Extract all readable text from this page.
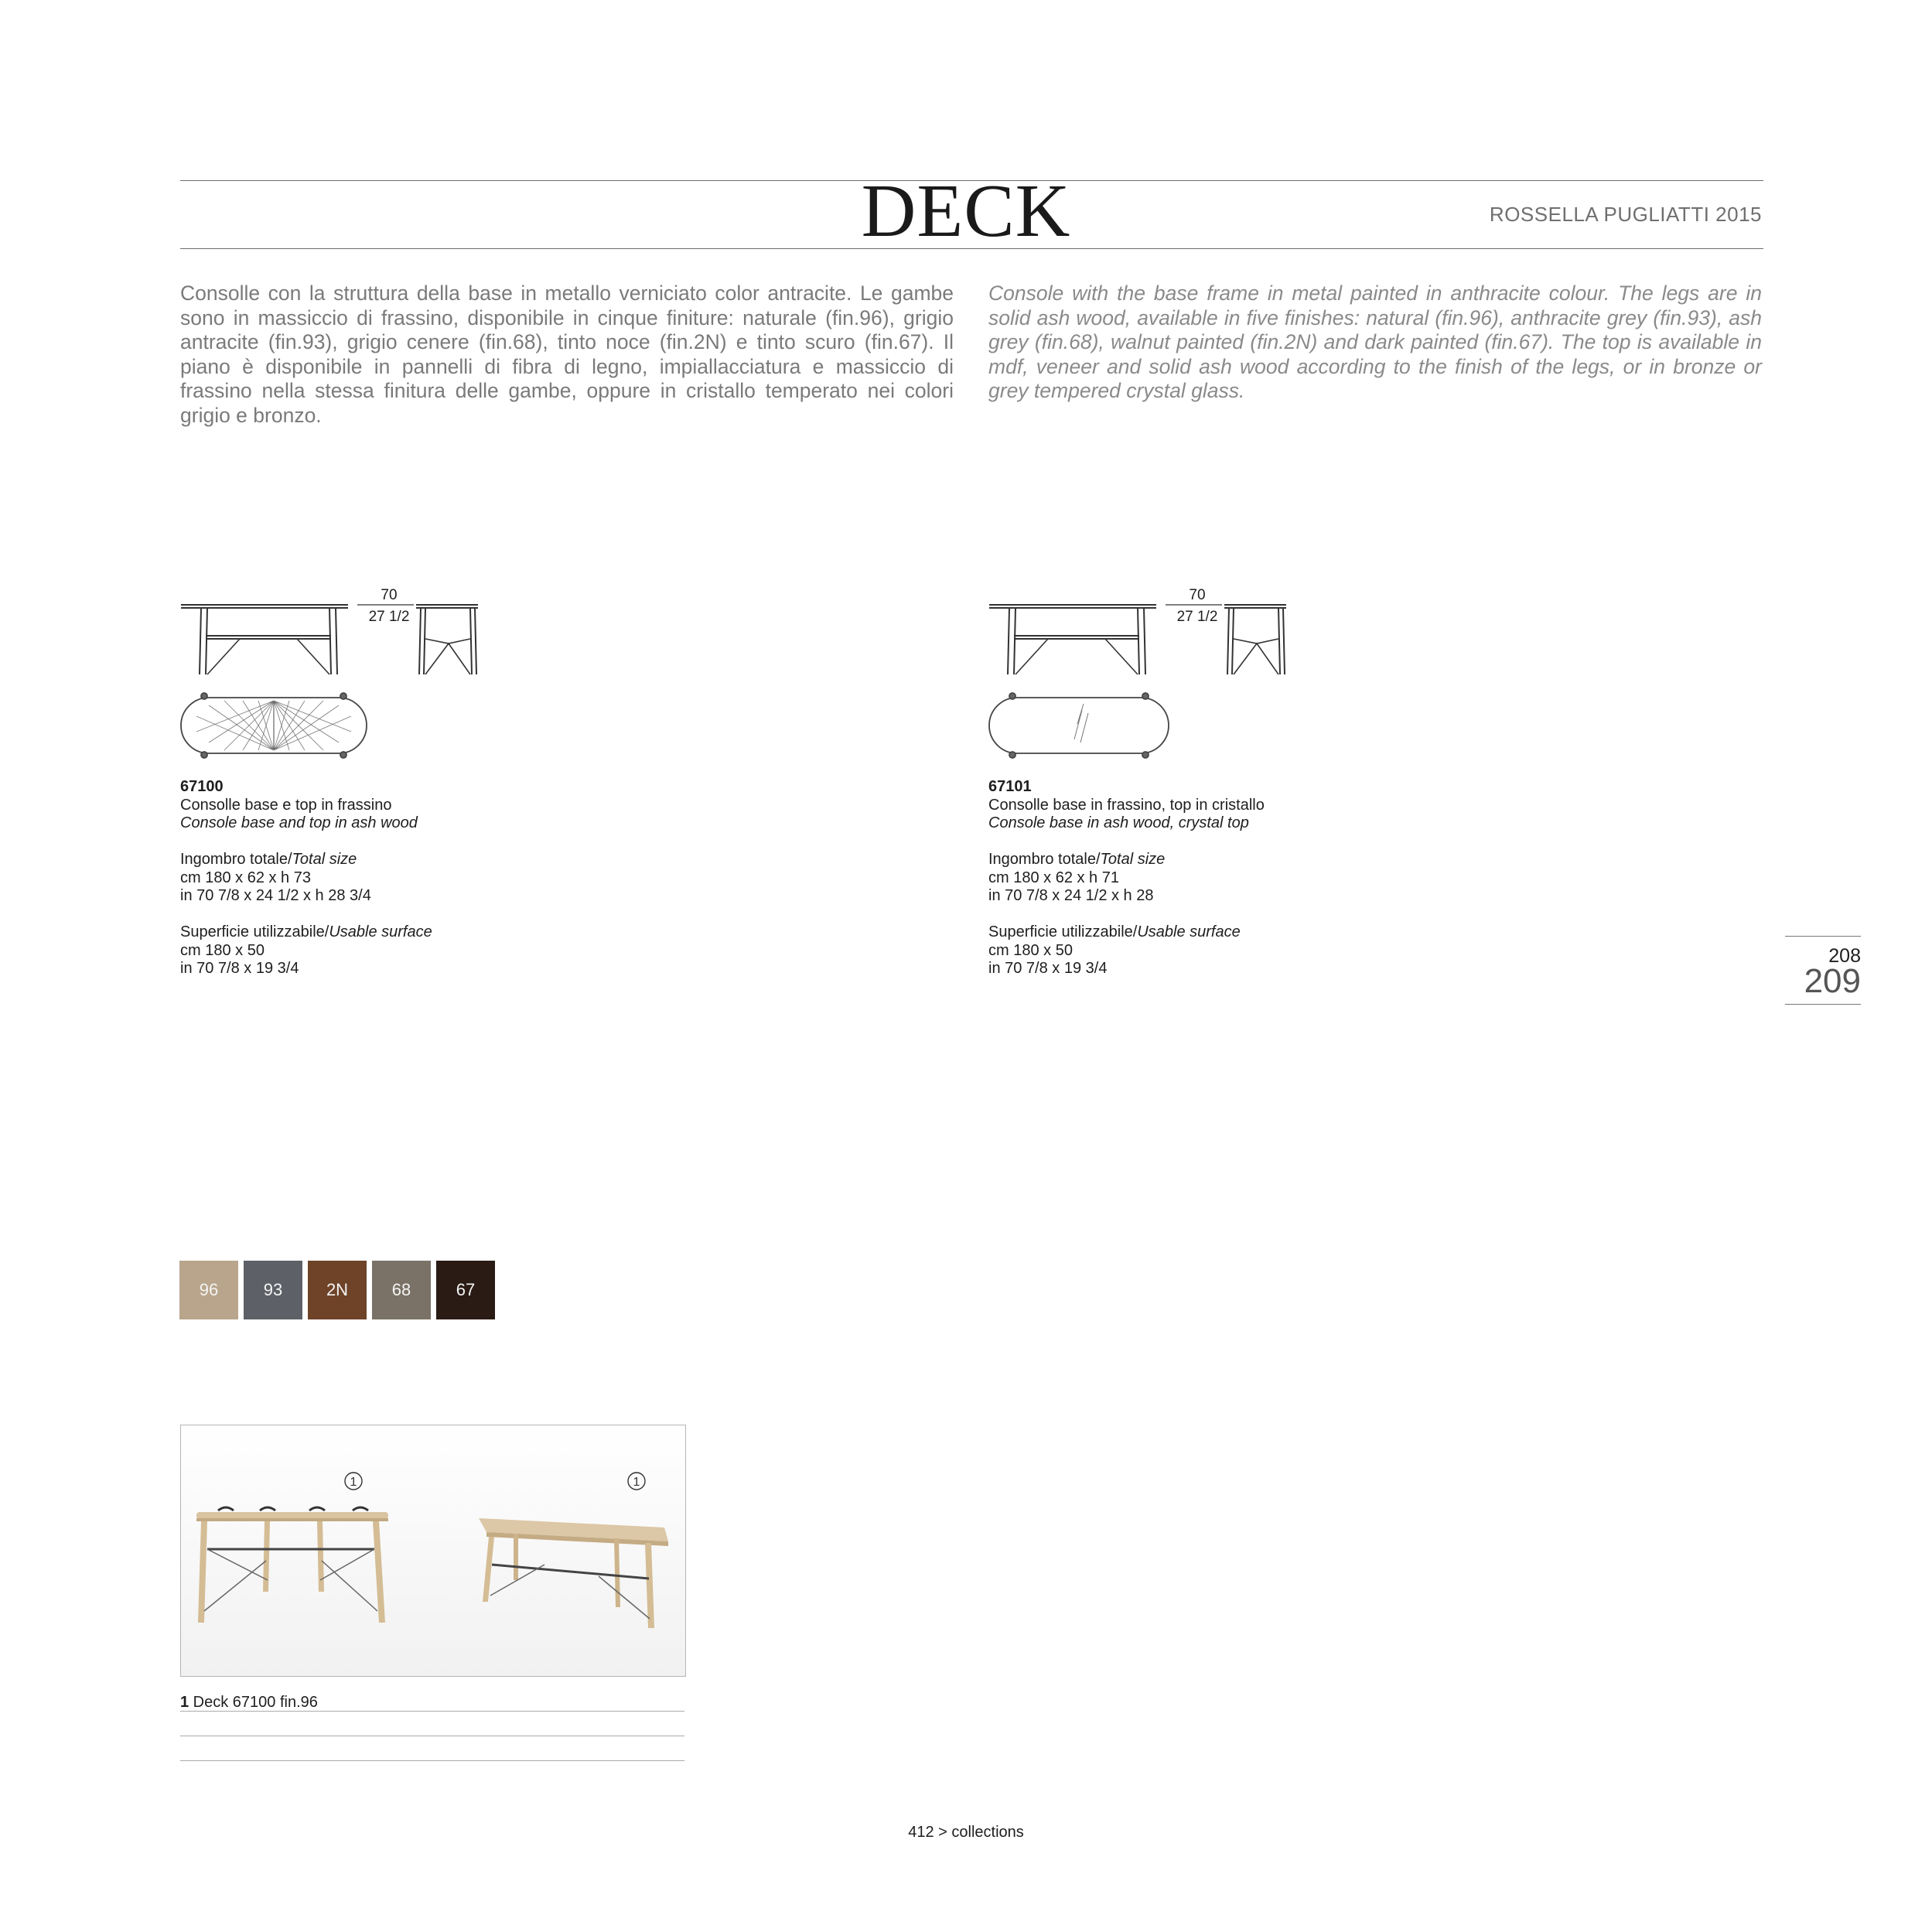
DECK	ROSSELLA PUGLIATTI 2015

Consolle con la struttura della base in metallo verniciato color antracite. Le gambe sono in massiccio di frassino, disponibile in cinque finiture: naturale (fin.96), grigio antracite (fin.93), grigio cenere (fin.68), tinto noce (fin.2N) e tinto scuro (fin.67). Il piano è disponibile in pannelli di fibra di legno, impiallacciatura e massiccio di frassino nella stessa finitura delle gambe, oppure in cristallo temperato nei colori grigio e bronzo.

Console with the base frame in metal painted in anthracite colour. The legs are in solid ash wood, available in five finishes: natural (fin.96), anthracite grey (fin.93), ash grey (fin.68), walnut painted (fin.2N) and dark painted (fin.67). The top is available in mdf, veneer and solid ash wood according to the finish of the legs, or in bronze or grey tempered crystal glass.

70
27 1/2
70
27 1/2
67100
Consolle base e top in frassino
Console base and top in ash wood
Ingombro totale/Total size
cm 180 x 62 x h 73
in 70 7/8 x 24 1/2 x h 28 3/4
Superficie utilizzabile/Usable surface
cm 180 x 50
in 70 7/8 x 19 3/4
67101
Consolle base in frassino, top in cristallo
Console base in ash wood, crystal top
Ingombro totale/Total size
cm 180 x 62 x h 71
in 70 7/8 x 24 1/2 x h 28
Superficie utilizzabile/Usable surface
cm 180 x 50
in 70 7/8 x 19 3/4
96	93	2N	68	67
1	1
1 Deck 67100 fin.96
208
209
412 > collections
